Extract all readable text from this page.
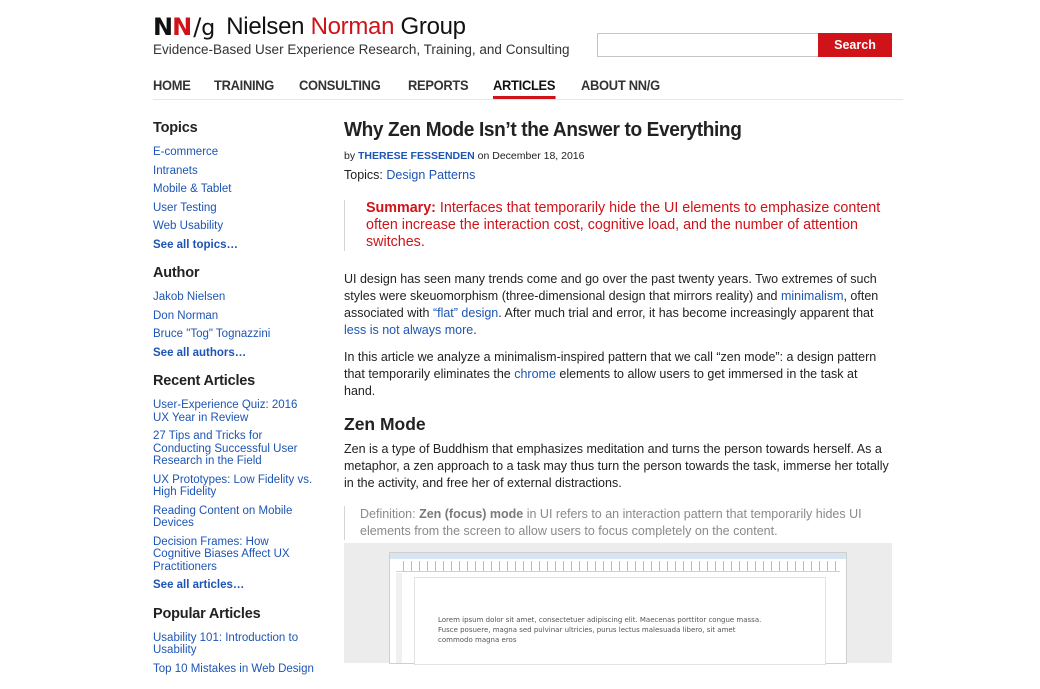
NN/g Nielsen Norman Group
Evidence-Based User Experience Research, Training, and Consulting	Search
HOME TRAINING CONSULTING REPORTS ARTICLES ABOUT NN/G
Topics
E-commerce
Intranets
Mobile & Tablet
User Testing
Web Usability
See all topics…
Author
Jakob Nielsen
Don Norman
Bruce "Tog" Tognazzini
See all authors…
Recent Articles
User-Experience Quiz: 2016 UX Year in Review
27 Tips and Tricks for Conducting Successful User Research in the Field
UX Prototypes: Low Fidelity vs. High Fidelity
Reading Content on Mobile Devices
Decision Frames: How Cognitive Biases Affect UX Practitioners
See all articles…
Popular Articles
Usability 101: Introduction to Usability
Top 10 Mistakes in Web Design
Why Zen Mode Isn’t the Answer to Everything
by THERESE FESSENDEN on December 18, 2016
Topics: Design Patterns
Summary: Interfaces that temporarily hide the UI elements to emphasize content often increase the interaction cost, cognitive load, and the number of attention switches.

UI design has seen many trends come and go over the past twenty years. Two extremes of such styles were skeuomorphism (three-dimensional design that mirrors reality) and minimalism, often associated with “flat” design. After much trial and error, it has become increasingly apparent that less is not always more.

In this article we analyze a minimalism-inspired pattern that we call “zen mode”: a design pattern that temporarily eliminates the chrome elements to allow users to get immersed in the task at hand.

Zen Mode

Zen is a type of Buddhism that emphasizes meditation and turns the person towards herself. As a metaphor, a zen approach to a task may thus turn the person towards the task, immerse her totally in the activity, and free her of external distractions.

Definition: Zen (focus) mode in UI refers to an interaction pattern that temporarily hides UI elements from the screen to allow users to focus completely on the content.

Lorem ipsum dolor sit amet, consectetuer adipiscing elit. Maecenas porttitor congue massa. Fusce posuere, magna sed pulvinar ultricies, purus lectus malesuada libero, sit amet commodo magna eros
